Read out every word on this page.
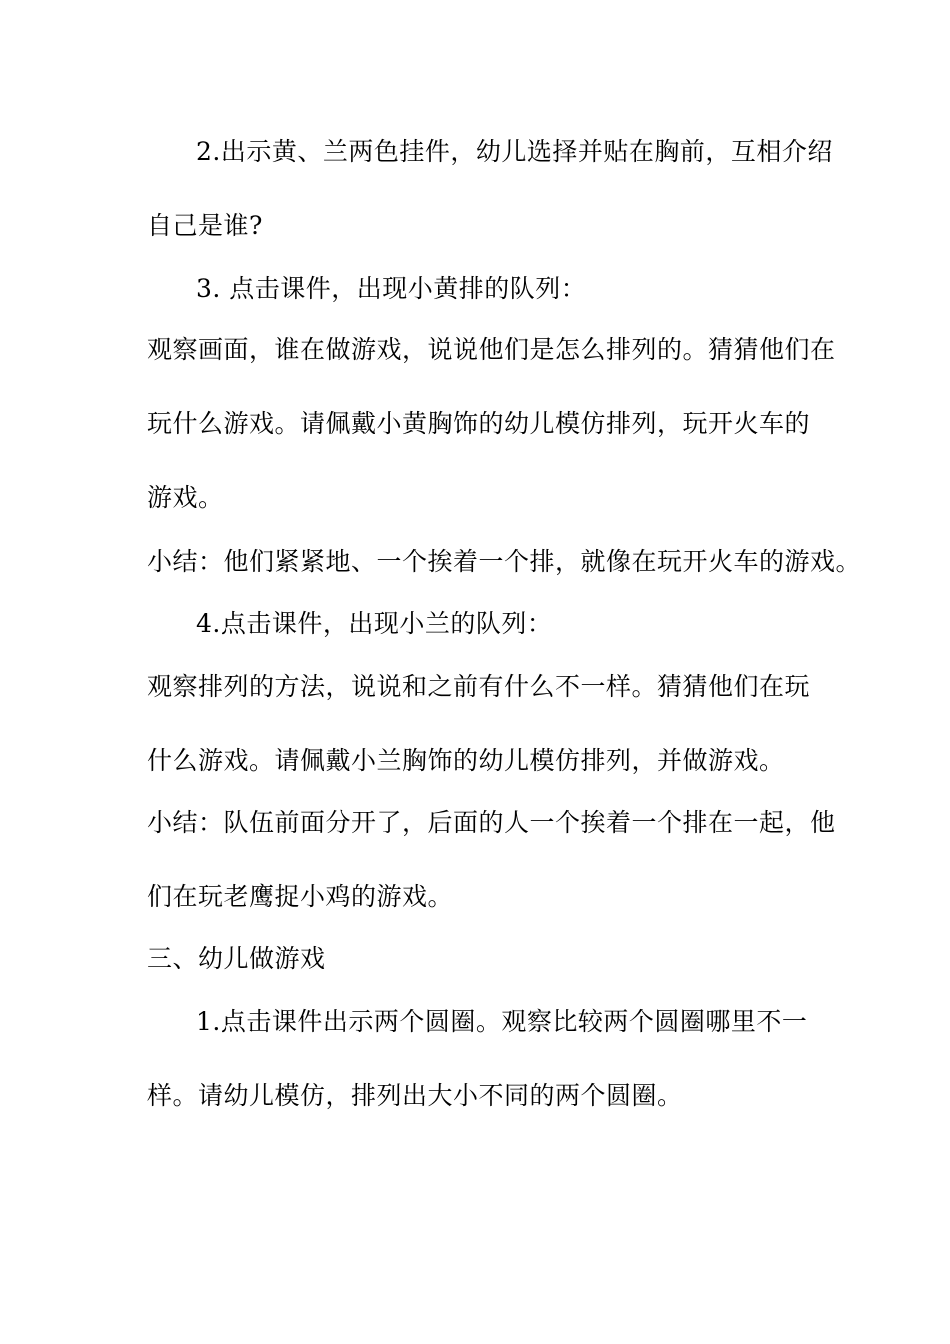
2.出示黄、兰两色挂件，幼儿选择并贴在胸前，互相介绍
自己是谁?
3. 点击课件，出现小黄排的队列：
观察画面，谁在做游戏，说说他们是怎么排列的。猜猜他们在
玩什么游戏。请佩戴小黄胸饰的幼儿模仿排列，玩开火车的
游戏。
小结：他们紧紧地、一个挨着一个排，就像在玩开火车的游戏。
4.点击课件，出现小兰的队列：
观察排列的方法，说说和之前有什么不一样。猜猜他们在玩
什么游戏。请佩戴小兰胸饰的幼儿模仿排列，并做游戏。
小结：队伍前面分开了，后面的人一个挨着一个排在一起，他
们在玩老鹰捉小鸡的游戏。
三、幼儿做游戏
1.点击课件出示两个圆圈。观察比较两个圆圈哪里不一
样。请幼儿模仿，排列出大小不同的两个圆圈。
